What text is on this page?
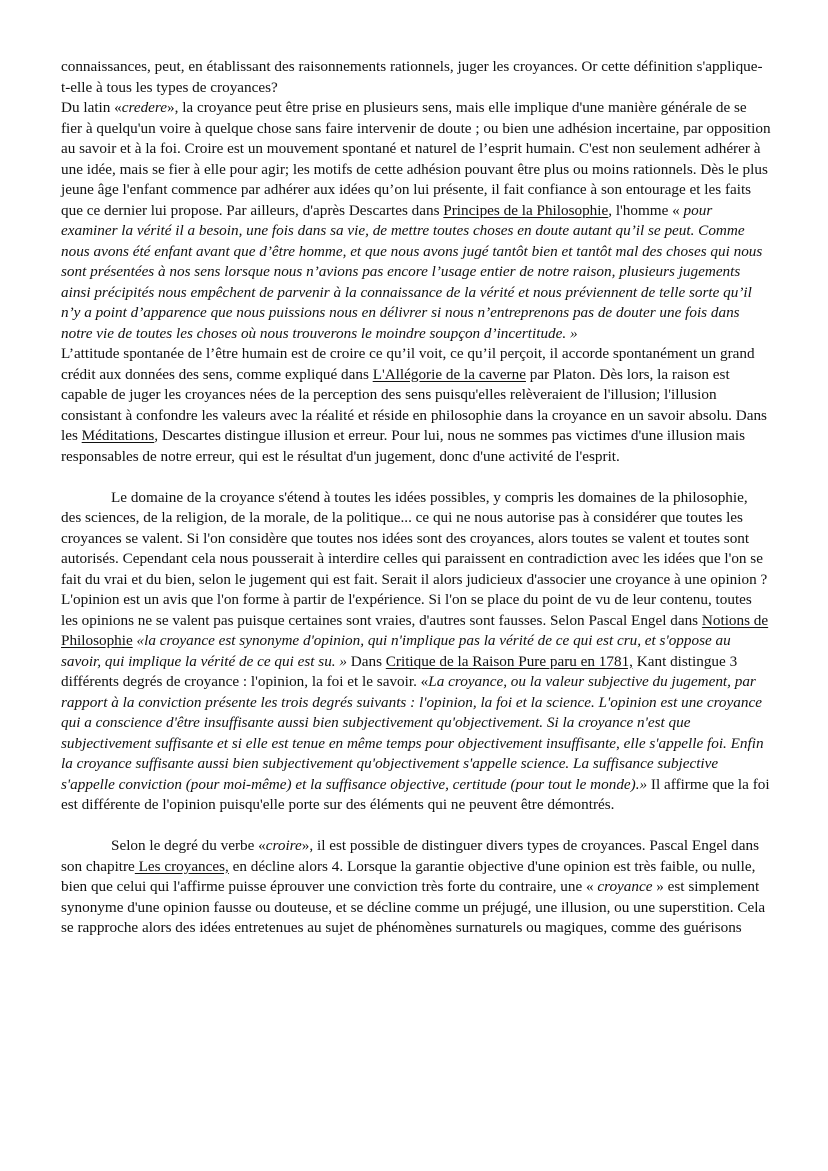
connaissances, peut, en établissant des raisonnements rationnels, juger les croyances. Or cette définition s'applique-t-elle à tous les types de croyances?

Du latin «credere», la croyance peut être prise en plusieurs sens, mais elle implique d'une manière générale de se fier à quelqu'un voire à quelque chose sans faire intervenir de doute ; ou bien une adhésion incertaine, par opposition au savoir et à la foi. Croire est un mouvement spontané et naturel de l’esprit humain. C'est non seulement adhérer à une idée, mais se fier à elle pour agir; les motifs de cette adhésion pouvant être plus ou moins rationnels. Dès le plus jeune âge l'enfant commence par adhérer aux idées qu’on lui présente, il fait confiance à son entourage et les faits que ce dernier lui propose. Par ailleurs, d'après Descartes dans Principes de la Philosophie, l'homme « pour examiner la vérité il a besoin, une fois dans sa vie, de mettre toutes choses en doute autant qu’il se peut. Comme nous avons été enfant avant que d’être homme, et que nous avons jugé tantôt bien et tantôt mal des choses qui nous sont présentées à nos sens lorsque nous n’avions pas encore l’usage entier de notre raison, plusieurs jugements ainsi précipités nous empêchent de parvenir à la connaissance de la vérité et nous préviennent de telle sorte qu’il n’y a point d’apparence que nous puissions nous en délivrer si nous n’entreprenons pas de douter une fois dans notre vie de toutes les choses où nous trouverons le moindre soupçon d’incertitude. »

L’attitude spontanée de l’être humain est de croire ce qu’il voit, ce qu’il perçoit, il accorde spontanément un grand crédit aux données des sens, comme expliqué dans L'Allégorie de la caverne par Platon. Dès lors, la raison est capable de juger les croyances nées de la perception des sens puisqu'elles relèveraient de l'illusion; l'illusion consistant à confondre les valeurs avec la réalité et réside en philosophie dans la croyance en un savoir absolu. Dans les Méditations, Descartes distingue illusion et erreur. Pour lui, nous ne sommes pas victimes d'une illusion mais responsables de notre erreur, qui est le résultat d'un jugement, donc d'une activité de l'esprit.

Le domaine de la croyance s'étend à toutes les idées possibles, y compris les domaines de la philosophie, des sciences, de la religion, de la morale, de la politique... ce qui ne nous autorise pas à considérer que toutes les croyances se valent. Si l'on considère que toutes nos idées sont des croyances, alors toutes se valent et toutes sont autorisés. Cependant cela nous pousserait à interdire celles qui paraissent en contradiction avec les idées que l'on se fait du vrai et du bien, selon le jugement qui est fait. Serait il alors judicieux d'associer une croyance à une opinion ? L'opinion est un avis que l'on forme à partir de l'expérience. Si l'on se place du point de vu de leur contenu, toutes les opinions ne se valent pas puisque certaines sont vraies, d'autres sont fausses. Selon Pascal Engel dans Notions de Philosophie «la croyance est synonyme d'opinion, qui n'implique pas la vérité de ce qui est cru, et s'oppose au savoir, qui implique la vérité de ce qui est su. » Dans Critique de la Raison Pure paru en 1781, Kant distingue 3 différents degrés de croyance : l'opinion, la foi et le savoir. «La croyance, ou la valeur subjective du jugement, par rapport à la conviction présente les trois degrés suivants : l'opinion, la foi et la science. L'opinion est une croyance qui a conscience d'être insuffisante aussi bien subjectivement qu'objectivement. Si la croyance n'est que subjectivement suffisante et si elle est tenue en même temps pour objectivement insuffisante, elle s'appelle foi. Enfin la croyance suffisante aussi bien subjectivement qu'objectivement s'appelle science. La suffisance subjective s'appelle conviction (pour moi-même) et la suffisance objective, certitude (pour tout le monde).» Il affirme que la foi est différente de l'opinion puisqu'elle porte sur des éléments qui ne peuvent être démontrés.

Selon le degré du verbe «croire», il est possible de distinguer divers types de croyances. Pascal Engel dans son chapitre Les croyances, en décline alors 4. Lorsque la garantie objective d'une opinion est très faible, ou nulle, bien que celui qui l'affirme puisse éprouver une conviction très forte du contraire, une « croyance » est simplement synonyme d'une opinion fausse ou douteuse, et se décline comme un préjugé, une illusion, ou une superstition. Cela se rapproche alors des idées entretenues au sujet de phénomènes surnaturels ou magiques, comme des guérisons
